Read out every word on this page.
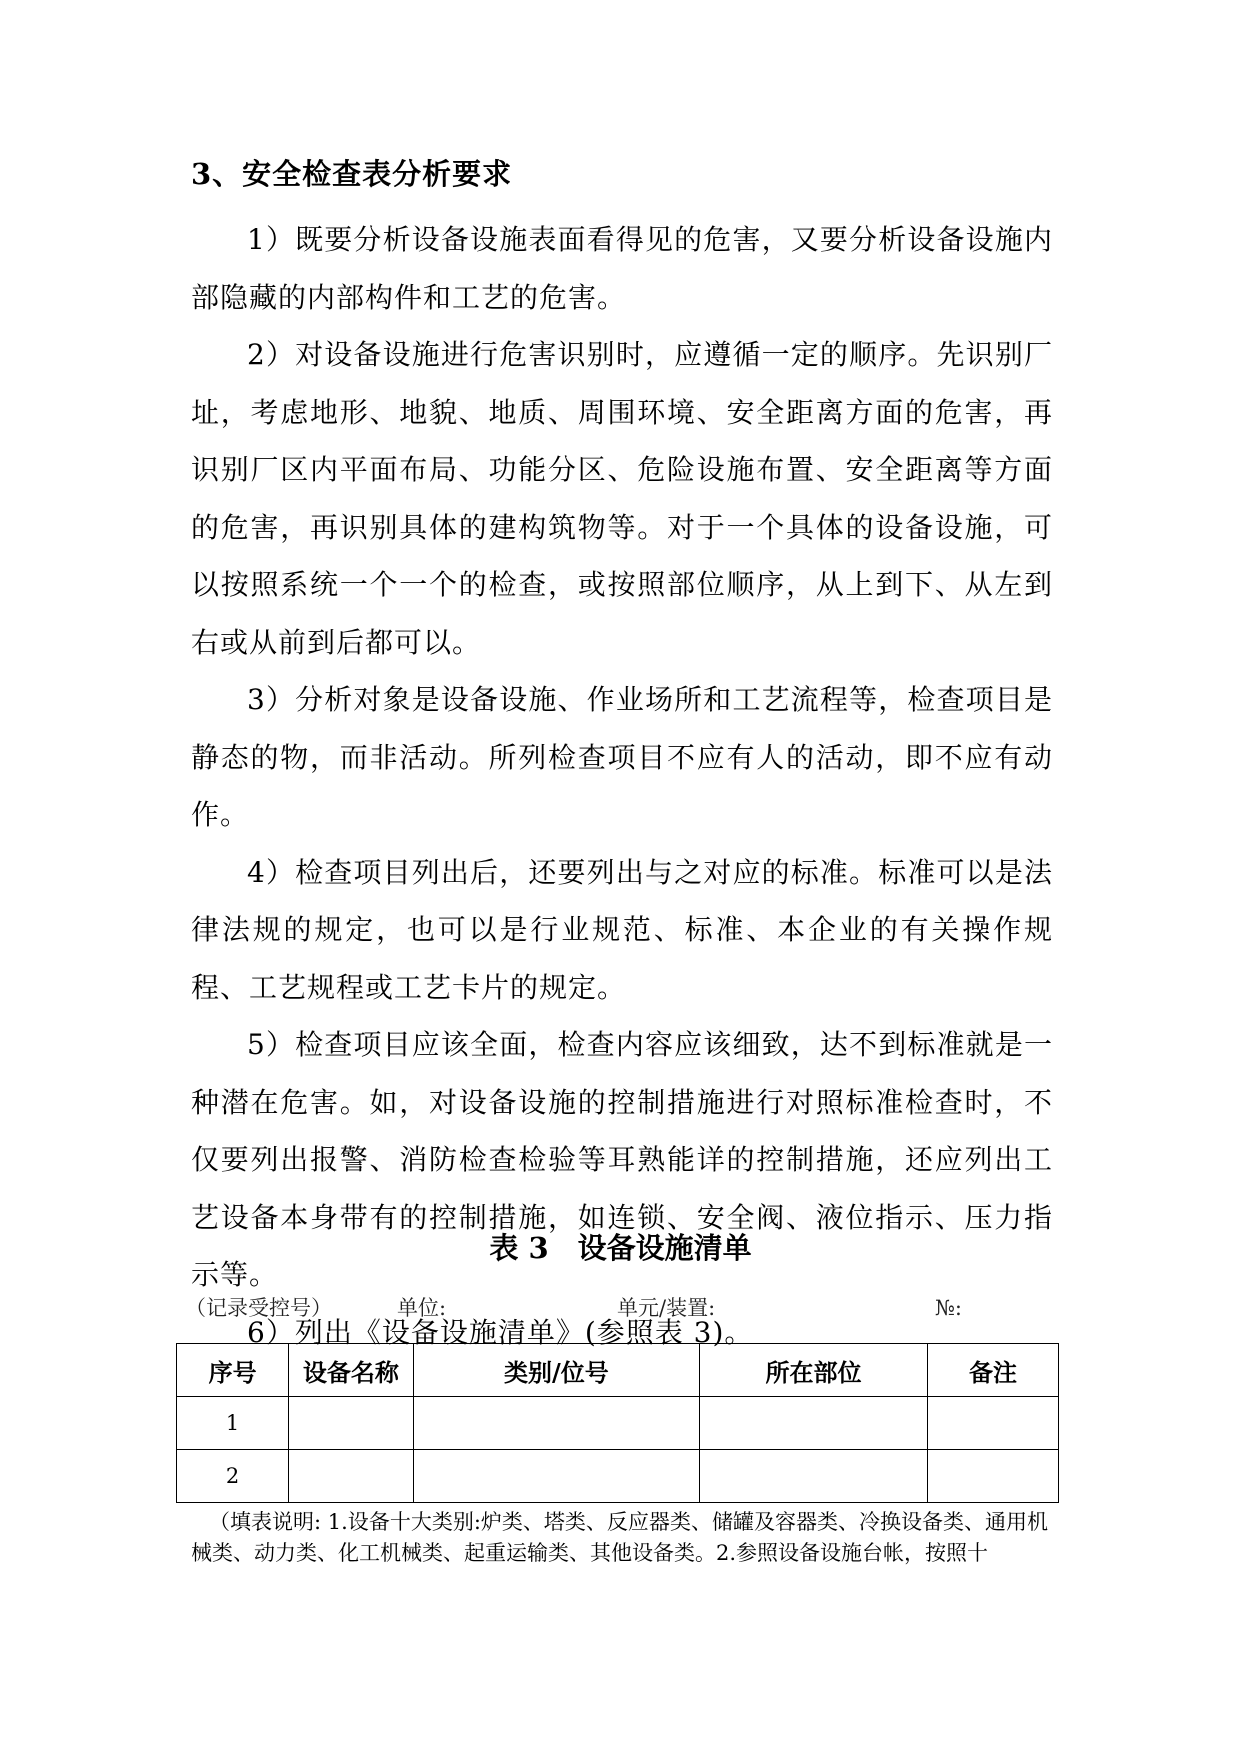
3、安全检查表分析要求

1）既要分析设备设施表面看得见的危害，又要分析设备设施内部隐藏的内部构件和工艺的危害。

2）对设备设施进行危害识别时，应遵循一定的顺序。先识别厂址，考虑地形、地貌、地质、周围环境、安全距离方面的危害，再识别厂区内平面布局、功能分区、危险设施布置、安全距离等方面的危害，再识别具体的建构筑物等。对于一个具体的设备设施，可以按照系统一个一个的检查，或按照部位顺序，从上到下、从左到右或从前到后都可以。

3）分析对象是设备设施、作业场所和工艺流程等，检查项目是静态的物，而非活动。所列检查项目不应有人的活动，即不应有动作。

4）检查项目列出后，还要列出与之对应的标准。标准可以是法律法规的规定，也可以是行业规范、标准、本企业的有关操作规程、工艺规程或工艺卡片的规定。

5）检查项目应该全面，检查内容应该细致，达不到标准就是一种潜在危害。如，对设备设施的控制措施进行对照标准检查时，不仅要列出报警、消防检查检验等耳熟能详的控制措施，还应列出工艺设备本身带有的控制措施，如连锁、安全阀、液位指示、压力指示等。

6）列出《设备设施清单》(参照表 3)。

表 3　设备设施清单
（记录受控号）	单位:	单元/装置:	№:
序号	设备名称	类别/位号	所在部位	备注
1				
2				

（填表说明: 1.设备十大类别:炉类、塔类、反应器类、储罐及容器类、冷换设备类、通用机械类、动力类、化工机械类、起重运输类、其他设备类。2.参照设备设施台帐，按照十
